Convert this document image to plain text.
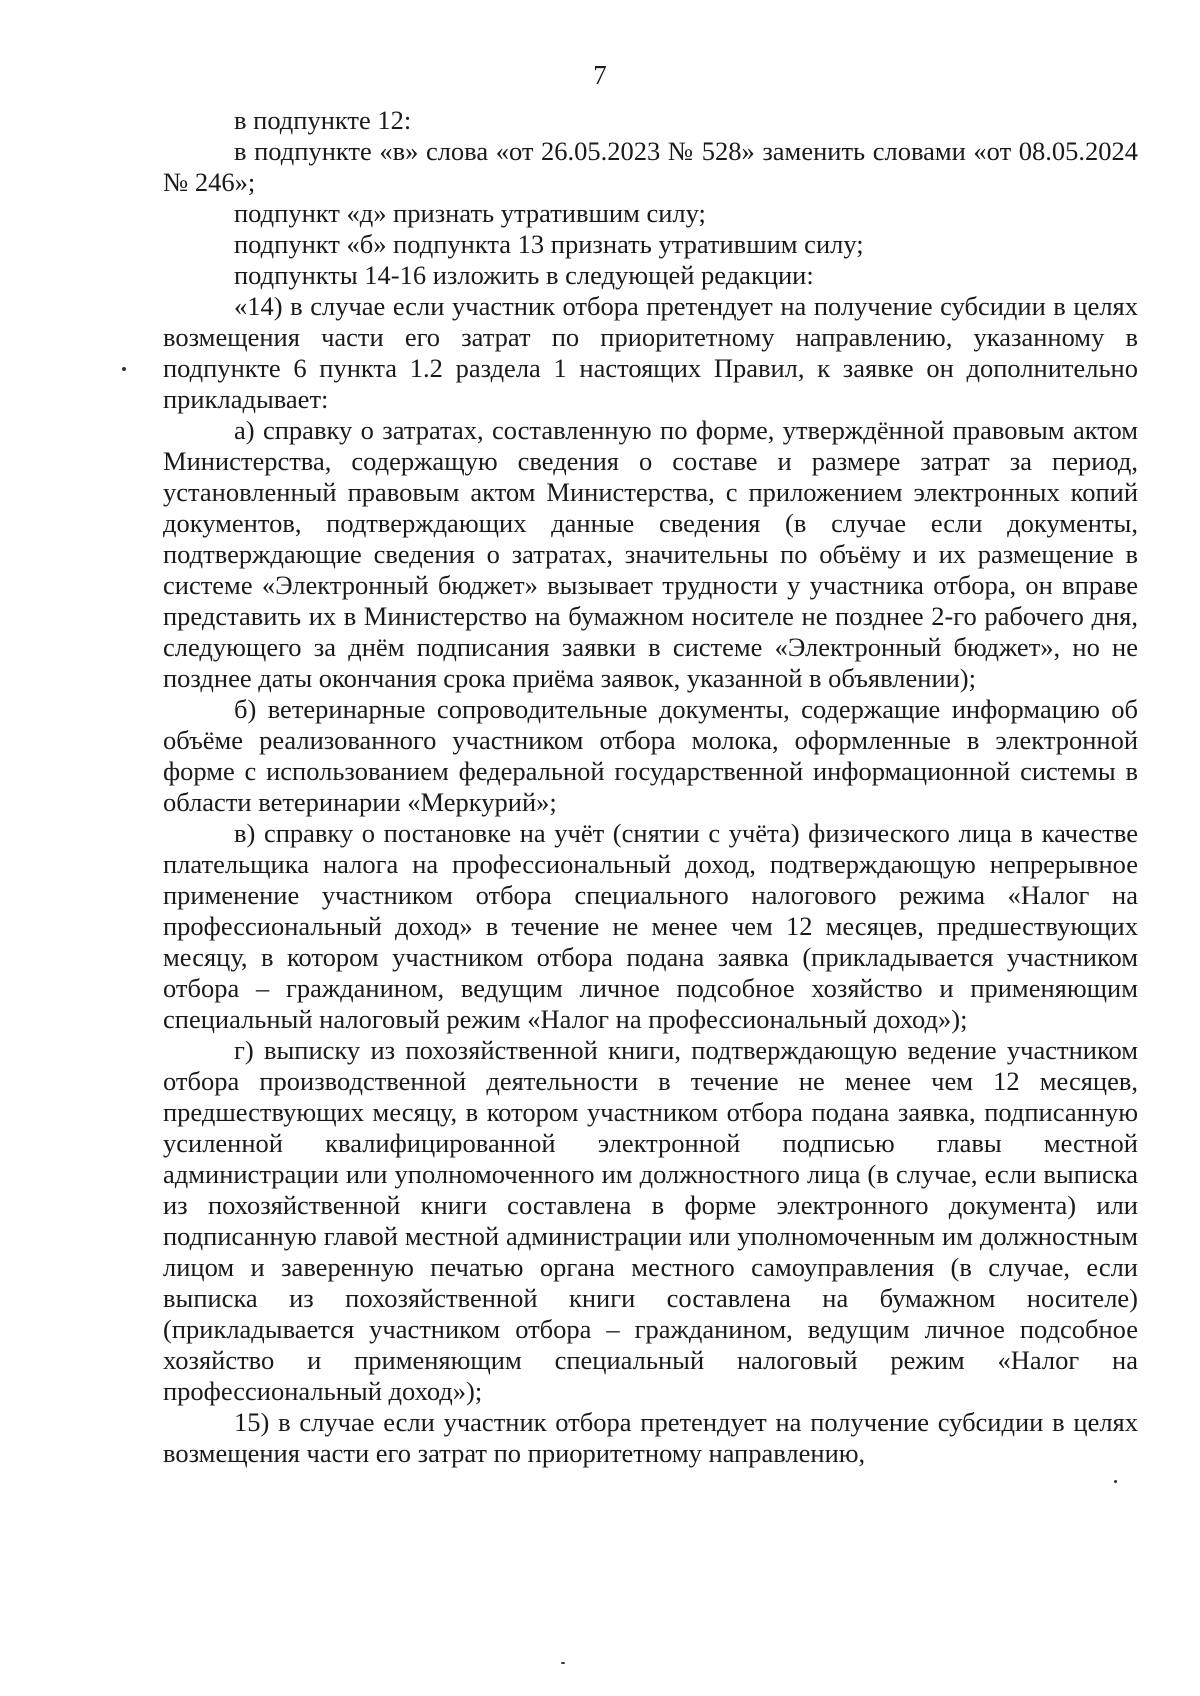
7

в подпункте 12:

в подпункте «в» слова «от 26.05.2023 № 528» заменить словами «от 08.05.2024 № 246»;

подпункт «д» признать утратившим силу;

подпункт «б» подпункта 13 признать утратившим силу;

подпункты 14-16 изложить в следующей редакции:

«14) в случае если участник отбора претендует на получение субсидии в целях возмещения части его затрат по приоритетному направлению, указанному в подпункте 6 пункта 1.2 раздела 1 настоящих Правил, к заявке он дополнительно прикладывает:

а) справку о затратах, составленную по форме, утверждённой правовым актом Министерства, содержащую сведения о составе и размере затрат за период, установленный правовым актом Министерства, с приложением электронных копий документов, подтверждающих данные сведения (в случае если документы, подтверждающие сведения о затратах, значительны по объёму и их размещение в системе «Электронный бюджет» вызывает трудности у участника отбора, он вправе представить их в Министерство на бумажном носителе не позднее 2-го рабочего дня, следующего за днём подписания заявки в системе «Электронный бюджет», но не позднее даты окончания срока приёма заявок, указанной в объявлении);

б) ветеринарные сопроводительные документы, содержащие информацию об объёме реализованного участником отбора молока, оформленные в электронной форме с использованием федеральной государственной информационной системы в области ветеринарии «Меркурий»;

в) справку о постановке на учёт (снятии с учёта) физического лица в качестве плательщика налога на профессиональный доход, подтверждающую непрерывное применение участником отбора специального налогового режима «Налог на профессиональный доход» в течение не менее чем 12 месяцев, предшествующих месяцу, в котором участником отбора подана заявка (прикладывается участником отбора – гражданином, ведущим личное подсобное хозяйство и применяющим специальный налоговый режим «Налог на профессиональный доход»);

г) выписку из похозяйственной книги, подтверждающую ведение участником отбора производственной деятельности в течение не менее чем 12 месяцев, предшествующих месяцу, в котором участником отбора подана заявка, подписанную усиленной квалифицированной электронной подписью главы местной администрации или уполномоченного им должностного лица (в случае, если выписка из похозяйственной книги составлена в форме электронного документа) или подписанную главой местной администрации или уполномоченным им должностным лицом и заверенную печатью органа местного самоуправления (в случае, если выписка из похозяйственной книги составлена на бумажном носителе) (прикладывается участником отбора – гражданином, ведущим личное подсобное хозяйство и применяющим специальный налоговый режим «Налог на профессиональный доход»);

15) в случае если участник отбора претендует на получение субсидии в целях возмещения части его затрат по приоритетному направлению,
